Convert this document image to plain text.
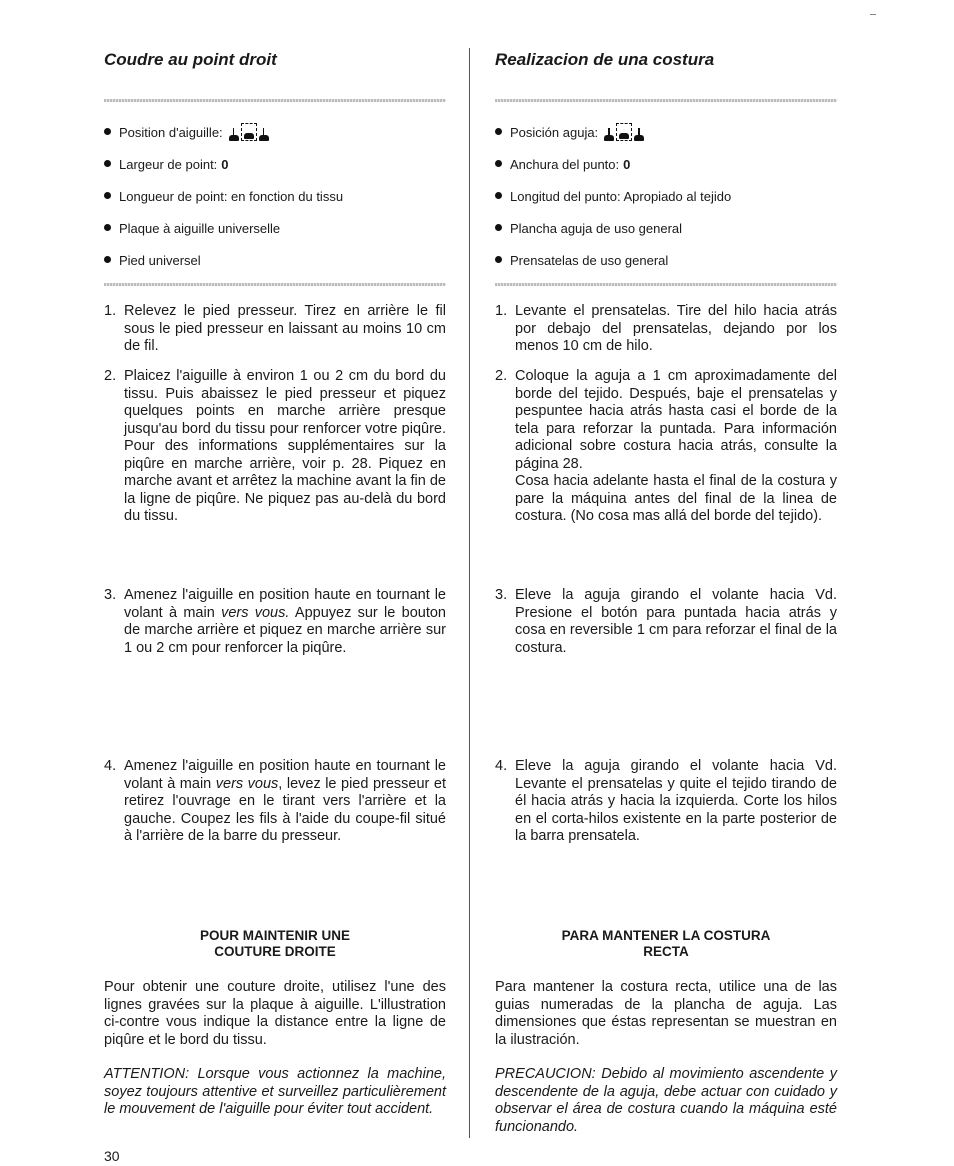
Coudre au point droit
Position d'aiguille:
Largeur de point: 0
Longueur de point: en fonction du tissu
Plaque à aiguille universelle
Pied universel
1. Relevez le pied presseur. Tirez en arrière le fil sous le pied presseur en laissant au moins 10 cm de fil.
2. Plaicez l'aiguille à environ 1 ou 2 cm du bord du tissu. Puis abaissez le pied presseur et piquez quelques points en marche arrière presque jusqu'au bord du tissu pour renforcer votre piqûre. Pour des informations supplémentaires sur la piqûre en marche arrière, voir p. 28. Piquez en marche avant et arrêtez la machine avant la fin de la ligne de piqûre. Ne piquez pas au-delà du bord du tissu.
3. Amenez l'aiguille en position haute en tournant le volant à main vers vous. Appuyez sur le bouton de marche arrière et piquez en marche arrière sur 1 ou 2 cm pour renforcer la piqûre.
4. Amenez l'aiguille en position haute en tournant le volant à main vers vous, levez le pied presseur et retirez l'ouvrage en le tirant vers l'arrière et la gauche. Coupez les fils à l'aide du coupe-fil situé à l'arrière de la barre du presseur.
POUR MAINTENIR UNE
COUTURE DROITE

Pour obtenir une couture droite, utilisez l'une des lignes gravées sur la plaque à aiguille. L'illustration ci-contre vous indique la distance entre la ligne de piqûre et le bord du tissu.

ATTENTION: Lorsque vous actionnez la machine, soyez toujours attentive et surveillez particulièrement le mouvement de l'aiguille pour éviter tout accident.

Realizacion de una costura
Posición aguja:
Anchura del punto: 0
Longitud del punto: Apropiado al tejido
Plancha aguja de uso general
Prensatelas de uso general
1. Levante el prensatelas. Tire del hilo hacia atrás por debajo del prensatelas, dejando por los menos 10 cm de hilo.
2. Coloque la aguja a 1 cm aproximadamente del borde del tejido. Después, baje el prensatelas y pespuntee hacia atrás hasta casi el borde de la tela para reforzar la puntada. Para información adicional sobre costura hacia atrás, consulte la página 28.
Cosa hacia adelante hasta el final de la costura y pare la máquina antes del final de la linea de costura. (No cosa mas allá del borde del tejido).
3. Eleve la aguja girando el volante hacia Vd. Presione el botón para puntada hacia atrás y cosa en reversible 1 cm para reforzar el final de la costura.
4. Eleve la aguja girando el volante hacia Vd. Levante el prensatelas y quite el tejido tirando de él hacia atrás y hacia la izquierda. Corte los hilos en el corta-hilos existente en la parte posterior de la barra prensatela.
PARA MANTENER LA COSTURA
RECTA

Para mantener la costura recta, utilice una de las guias numeradas de la plancha de aguja. Las dimensiones que éstas representan se muestran en la ilustración.

PRECAUCION: Debido al movimiento ascendente y descendente de la aguja, debe actuar con cuidado y observar el área de costura cuando la máquina esté funcionando.

30
